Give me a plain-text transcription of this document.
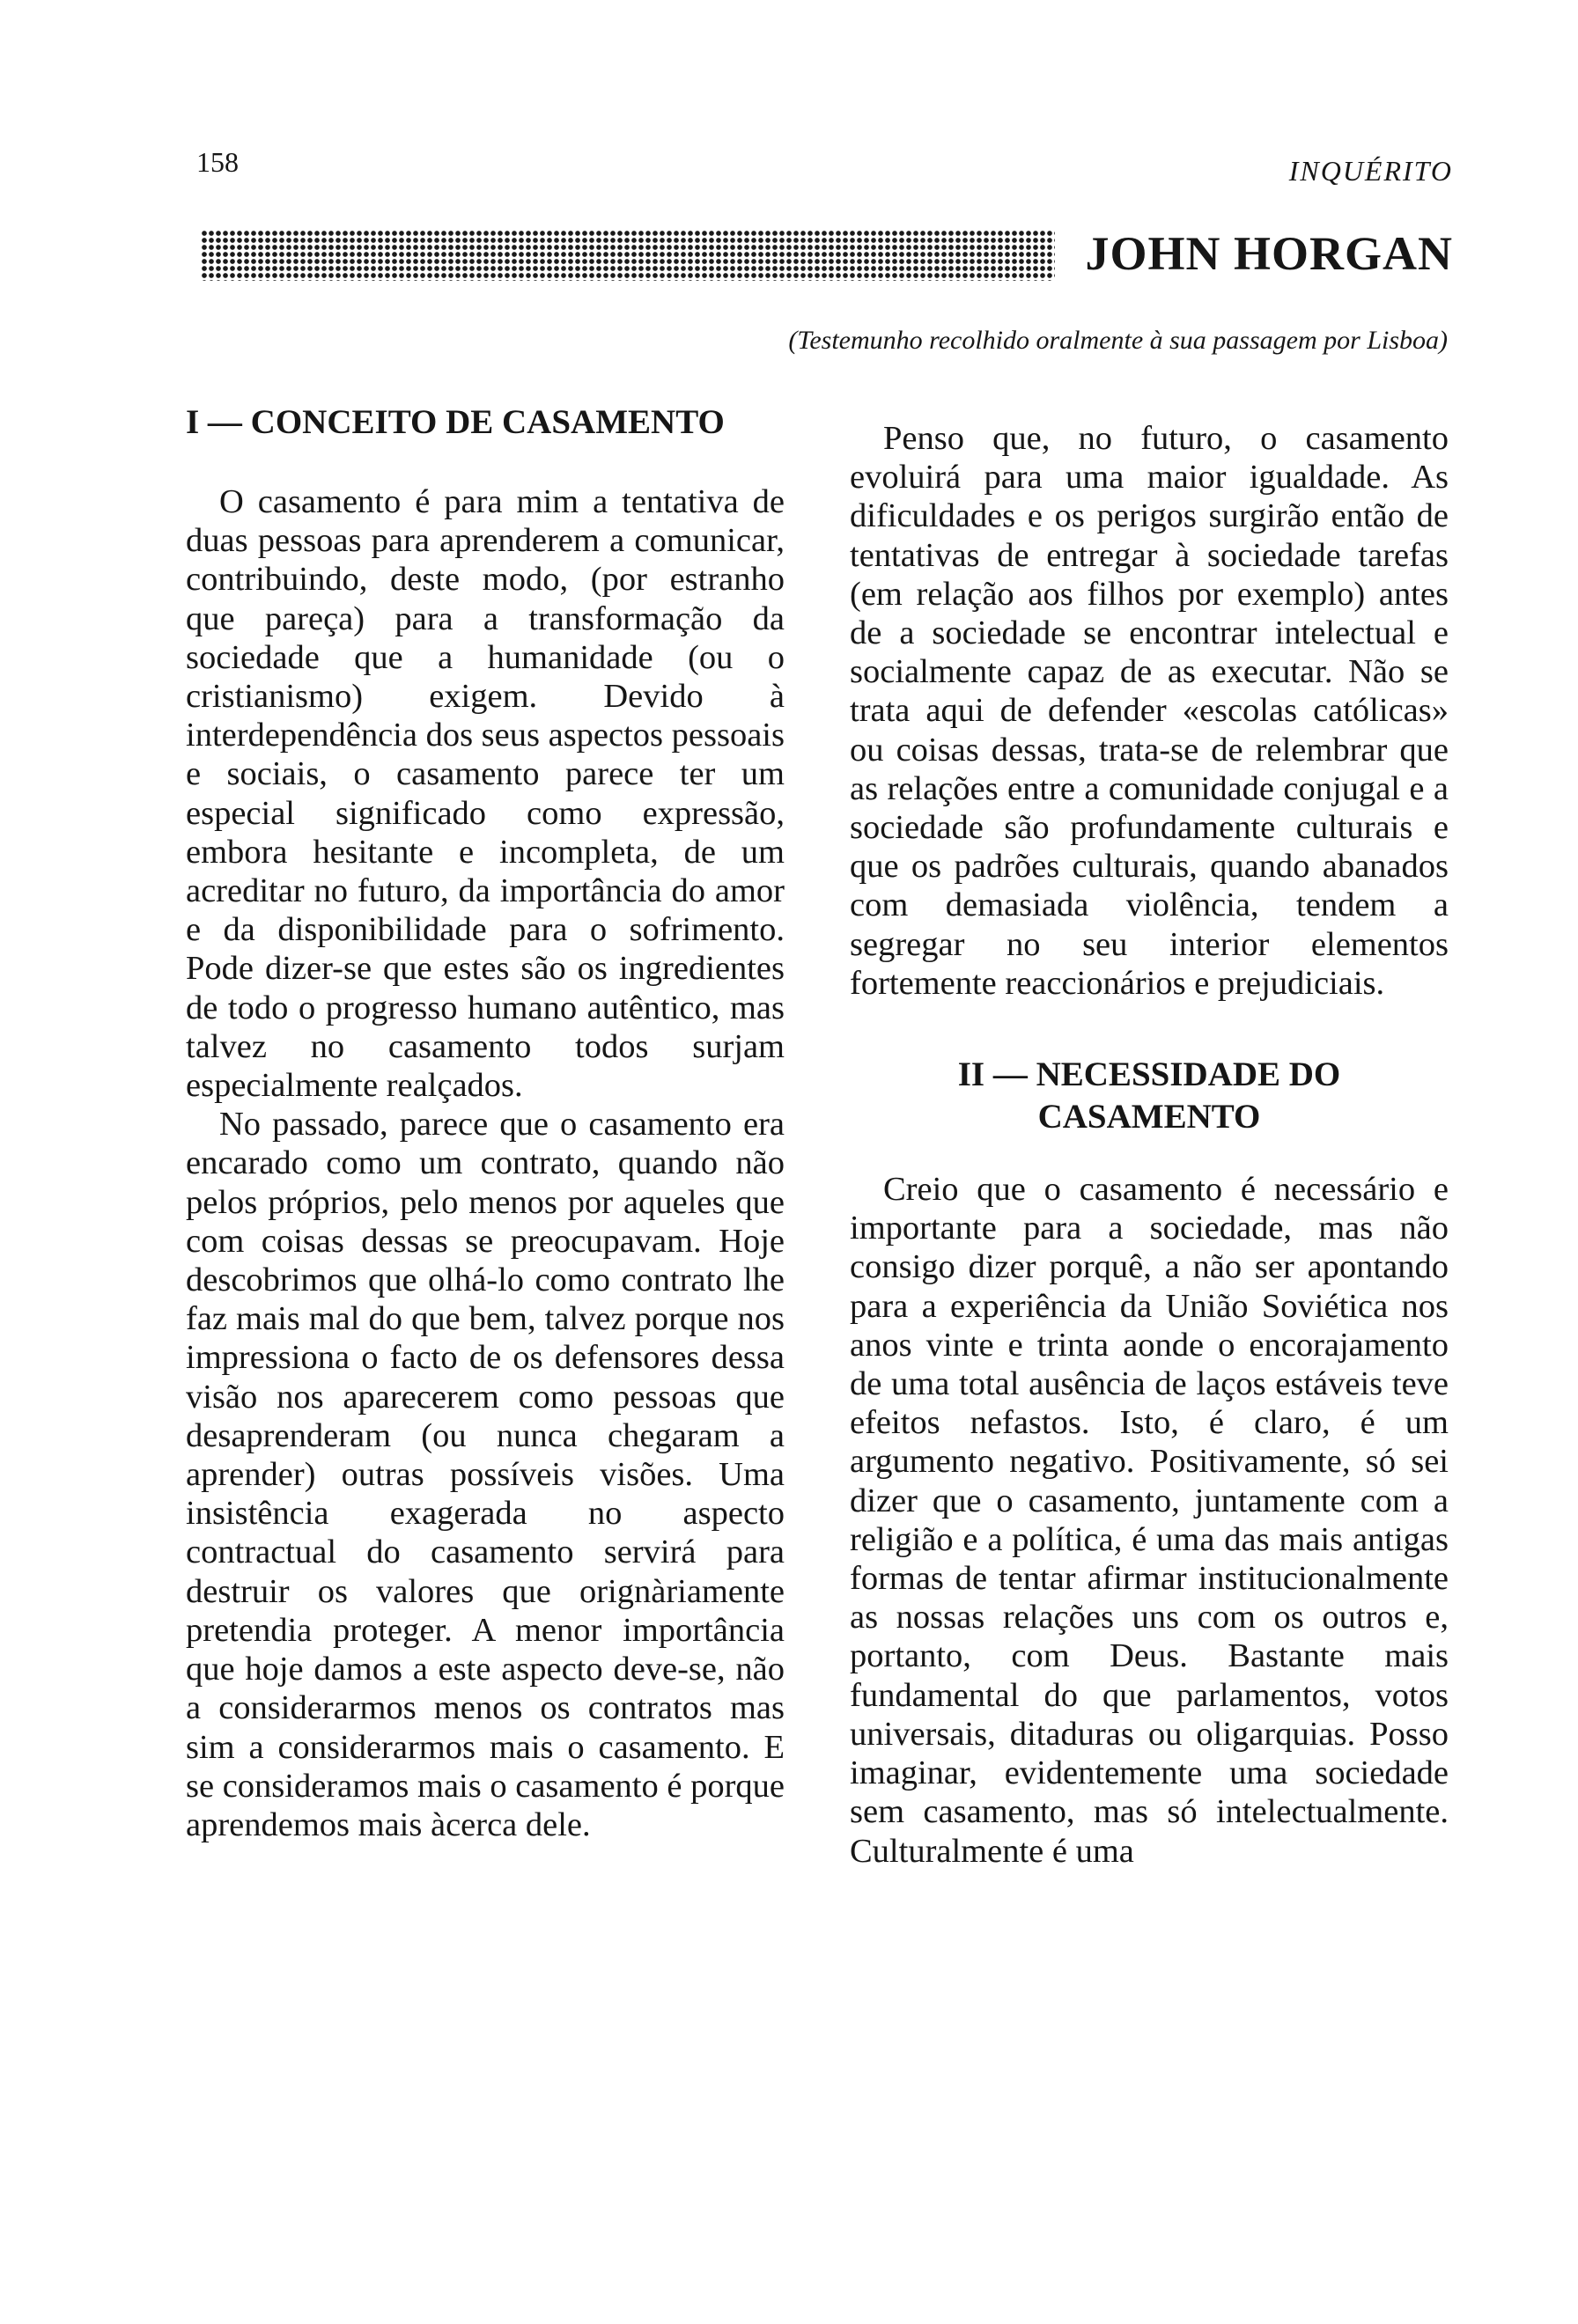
158	INQUÉRITO
JOHN HORGAN
(Testemunho recolhido oralmente à sua passagem por Lisboa)
I — CONCEITO DE CASAMENTO

O casamento é para mim a tentativa de duas pessoas para aprenderem a comunicar, contribuindo, deste modo, (por estranho que pareça) para a transformação da sociedade que a humanidade (ou o cristianismo) exigem. Devido à interdependência dos seus aspectos pessoais e sociais, o casamento parece ter um especial significado como expressão, embora hesitante e incompleta, de um acreditar no futuro, da importância do amor e da disponibilidade para o sofrimento. Pode dizer-se que estes são os ingredientes de todo o progresso humano autêntico, mas talvez no casamento todos surjam especialmente realçados.

No passado, parece que o casamento era encarado como um contrato, quando não pelos próprios, pelo menos por aqueles que com coisas dessas se preocupavam. Hoje descobrimos que olhá-lo como contrato lhe faz mais mal do que bem, talvez porque nos impressiona o facto de os defensores dessa visão nos aparecerem como pessoas que desaprenderam (ou nunca chegaram a aprender) outras possíveis visões. Uma insistência exagerada no aspecto contractual do casamento servirá para destruir os valores que orignàriamente pretendia proteger. A menor importância que hoje damos a este aspecto deve-se, não a considerarmos menos os contratos mas sim a considerarmos mais o casamento. E se consideramos mais o casamento é porque aprendemos mais àcerca dele.

Penso que, no futuro, o casamento evoluirá para uma maior igualdade. As dificuldades e os perigos surgirão então de tentativas de entregar à sociedade tarefas (em relação aos filhos por exemplo) antes de a sociedade se encontrar intelectual e socialmente capaz de as executar. Não se trata aqui de defender «escolas católicas» ou coisas dessas, trata-se de relembrar que as relações entre a comunidade conjugal e a sociedade são profundamente culturais e que os padrões culturais, quando abanados com demasiada violência, tendem a segregar no seu interior elementos fortemente reaccionários e prejudiciais.

II — NECESSIDADE DO CASAMENTO

Creio que o casamento é necessário e importante para a sociedade, mas não consigo dizer porquê, a não ser apontando para a experiência da União Soviética nos anos vinte e trinta aonde o encorajamento de uma total ausência de laços estáveis teve efeitos nefastos. Isto, é claro, é um argumento negativo. Positivamente, só sei dizer que o casamento, juntamente com a religião e a política, é uma das mais antigas formas de tentar afirmar institucionalmente as nossas relações uns com os outros e, portanto, com Deus. Bastante mais fundamental do que parlamentos, votos universais, ditaduras ou oligarquias. Posso imaginar, evidentemente uma sociedade sem casamento, mas só intelectualmente. Culturalmente é uma
